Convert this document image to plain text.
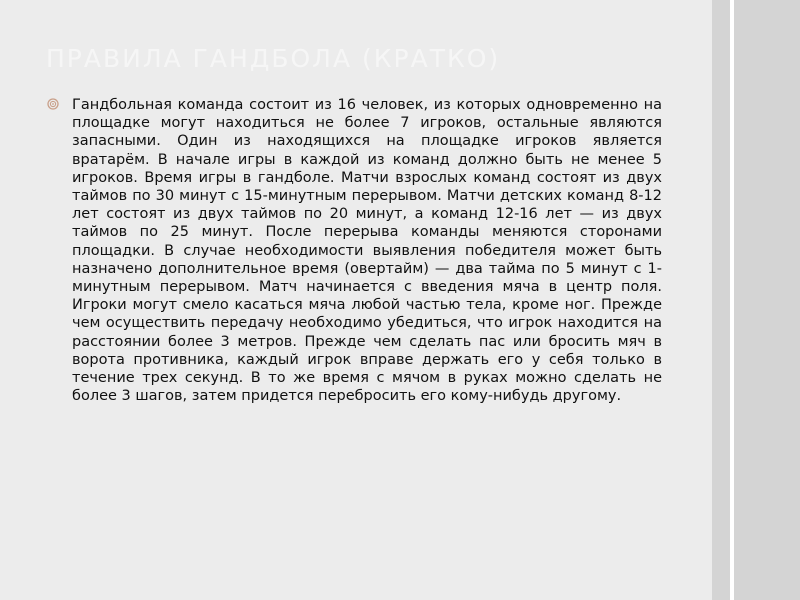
ПРАВИЛА ГАНДБОЛА (КРАТКО)

Гандбольная команда состоит из 16 человек, из которых одновременно на площадке могут находиться не более 7 игроков, остальные являются запасными. Один из находящихся на площадке игроков является вратарём. В начале игры в каждой из команд должно быть не менее 5 игроков. Время игры в гандболе. Матчи взрослых команд состоят из двух таймов по 30 минут с 15-минутным перерывом. Матчи детских команд 8-12 лет состоят из двух таймов по 20 минут, а команд 12-16 лет — из двух таймов по 25 минут. После перерыва команды меняются сторонами площадки. В случае необходимости выявления победителя может быть назначено дополнительное время (овертайм) — два тайма по 5 минут с 1-минутным перерывом. Матч начинается с введения мяча в центр поля. Игроки могут смело касаться мяча любой частью тела, кроме ног. Прежде чем осуществить передачу необходимо убедиться, что игрок находится на расстоянии более 3 метров. Прежде чем сделать пас или бросить мяч в ворота противника, каждый игрок вправе держать его у себя только в течение трех секунд. В то же время с мячом в руках можно сделать не более 3 шагов, затем придется перебросить его кому-нибудь другому.
